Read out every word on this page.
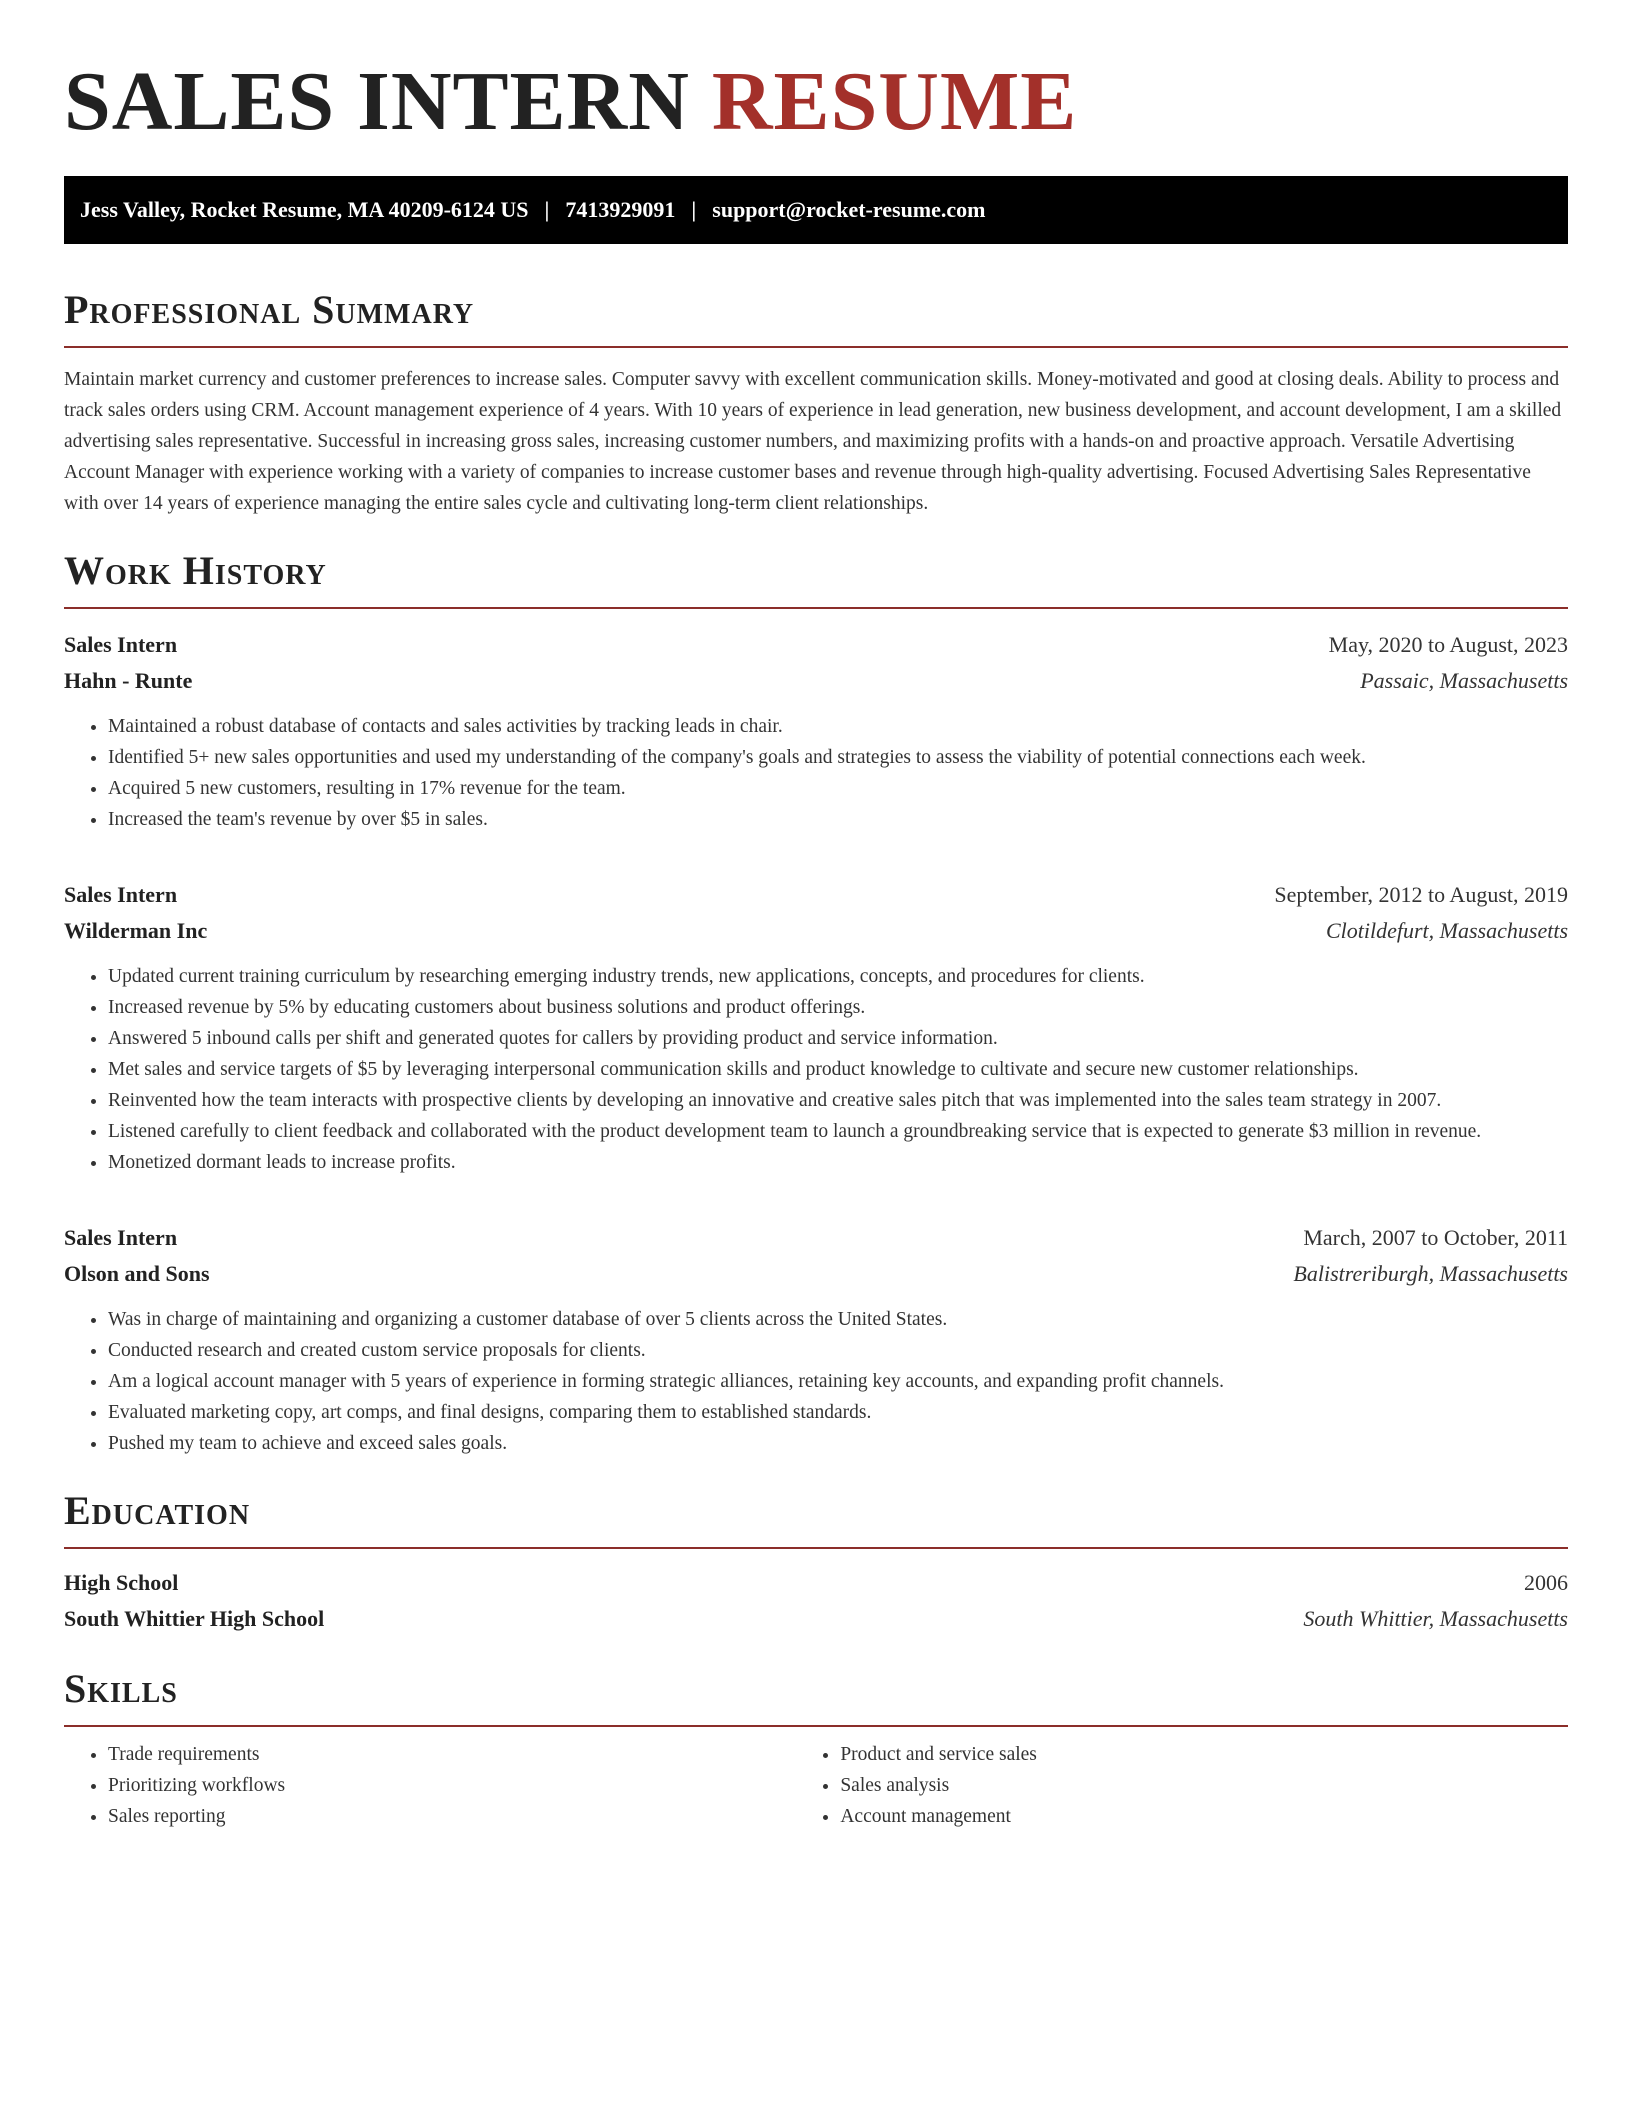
SALES INTERN RESUME
Jess Valley, Rocket Resume, MA 40209-6124 US | 7413929091 | support@rocket-resume.com
Professional Summary

Maintain market currency and customer preferences to increase sales. Computer savvy with excellent communication skills. Money-motivated and good at closing deals. Ability to process and track sales orders using CRM. Account management experience of 4 years. With 10 years of experience in lead generation, new business development, and account development, I am a skilled advertising sales representative. Successful in increasing gross sales, increasing customer numbers, and maximizing profits with a hands-on and proactive approach. Versatile Advertising Account Manager with experience working with a variety of companies to increase customer bases and revenue through high-quality advertising. Focused Advertising Sales Representative with over 14 years of experience managing the entire sales cycle and cultivating long-term client relationships.

Work History
Sales Intern	May, 2020 to August, 2023
Hahn - Runte	Passaic, Massachusetts
• Maintained a robust database of contacts and sales activities by tracking leads in chair.
• Identified 5+ new sales opportunities and used my understanding of the company's goals and strategies to assess the viability of potential connections each week.
• Acquired 5 new customers, resulting in 17% revenue for the team.
• Increased the team's revenue by over $5 in sales.
Sales Intern	September, 2012 to August, 2019
Wilderman Inc	Clotildefurt, Massachusetts
• Updated current training curriculum by researching emerging industry trends, new applications, concepts, and procedures for clients.
• Increased revenue by 5% by educating customers about business solutions and product offerings.
• Answered 5 inbound calls per shift and generated quotes for callers by providing product and service information.
• Met sales and service targets of $5 by leveraging interpersonal communication skills and product knowledge to cultivate and secure new customer relationships.
• Reinvented how the team interacts with prospective clients by developing an innovative and creative sales pitch that was implemented into the sales team strategy in 2007.
• Listened carefully to client feedback and collaborated with the product development team to launch a groundbreaking service that is expected to generate $3 million in revenue.
• Monetized dormant leads to increase profits.
Sales Intern	March, 2007 to October, 2011
Olson and Sons	Balistreriburgh, Massachusetts
• Was in charge of maintaining and organizing a customer database of over 5 clients across the United States.
• Conducted research and created custom service proposals for clients.
• Am a logical account manager with 5 years of experience in forming strategic alliances, retaining key accounts, and expanding profit channels.
• Evaluated marketing copy, art comps, and final designs, comparing them to established standards.
• Pushed my team to achieve and exceed sales goals.
Education
High School	2006
South Whittier High School	South Whittier, Massachusetts
Skills
• Trade requirements
• Prioritizing workflows
• Sales reporting
• Product and service sales
• Sales analysis
• Account management
